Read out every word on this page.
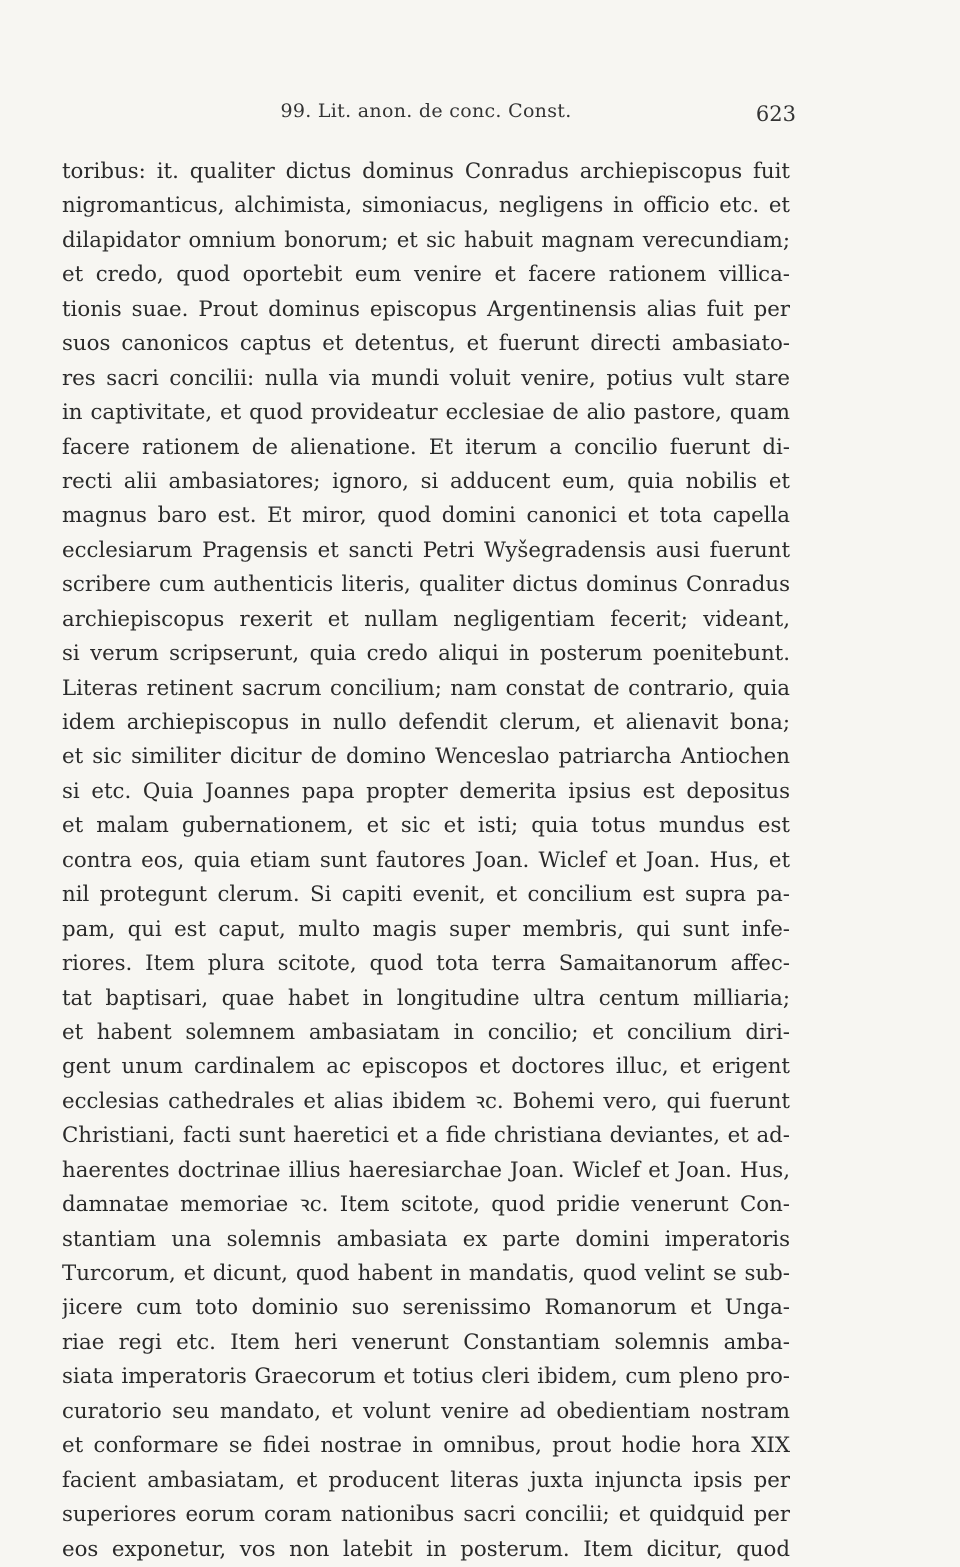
99. Lit. anon. de conc. Const.	623
toribus: it. qualiter dictus dominus Conradus archiepiscopus fuit
nigromanticus, alchimista, simoniacus, negligens in officio etc. et
dilapidator omnium bonorum; et sic habuit magnam verecundiam;
et credo, quod oportebit eum venire et facere rationem villica-
tionis suae. Prout dominus episcopus Argentinensis alias fuit per
suos canonicos captus et detentus, et fuerunt directi ambasiato-
res sacri concilii: nulla via mundi voluit venire, potius vult stare
in captivitate, et quod provideatur ecclesiae de alio pastore, quam
facere rationem de alienatione. Et iterum a concilio fuerunt di-
recti alii ambasiatores; ignoro, si adducent eum, quia nobilis et
magnus baro est. Et miror, quod domini canonici et tota capella
ecclesiarum Pragensis et sancti Petri Wyšegradensis ausi fuerunt
scribere cum authenticis literis, qualiter dictus dominus Conradus
archiepiscopus rexerit et nullam negligentiam fecerit; videant,
si verum scripserunt, quia credo aliqui in posterum poenitebunt.
Literas retinent sacrum concilium; nam constat de contrario, quia
idem archiepiscopus in nullo defendit clerum, et alienavit bona;
et sic similiter dicitur de domino Wenceslao patriarcha Antiochen
si etc. Quia Joannes papa propter demerita ipsius est depositus
et malam gubernationem, et sic et isti; quia totus mundus est
contra eos, quia etiam sunt fautores Joan. Wiclef et Joan. Hus, et
nil protegunt clerum. Si capiti evenit, et concilium est supra pa-
pam, qui est caput, multo magis super membris, qui sunt infe-
riores. Item plura scitote, quod tota terra Samaitanorum affec-
tat baptisari, quae habet in longitudine ultra centum milliaria;
et habent solemnem ambasiatam in concilio; et concilium diri-
gent unum cardinalem ac episcopos et doctores illuc, et erigent
ecclesias cathedrales et alias ibidem ꝛc. Bohemi vero, qui fuerunt
Christiani, facti sunt haeretici et a fide christiana deviantes, et ad-
haerentes doctrinae illius haeresiarchae Joan. Wiclef et Joan. Hus,
damnatae memoriae ꝛc. Item scitote, quod pridie venerunt Con-
stantiam una solemnis ambasiata ex parte domini imperatoris
Turcorum, et dicunt, quod habent in mandatis, quod velint se sub-
jicere cum toto dominio suo serenissimo Romanorum et Unga-
riae regi etc. Item heri venerunt Constantiam solemnis amba-
siata imperatoris Graecorum et totius cleri ibidem, cum pleno pro-
curatorio seu mandato, et volunt venire ad obedientiam nostram
et conformare se fidei nostrae in omnibus, prout hodie hora XIX
facient ambasiatam, et producent literas juxta injuncta ipsis per
superiores eorum coram nationibus sacri concilii; et quidquid per
eos exponetur, vos non latebit in posterum. Item dicitur, quod
